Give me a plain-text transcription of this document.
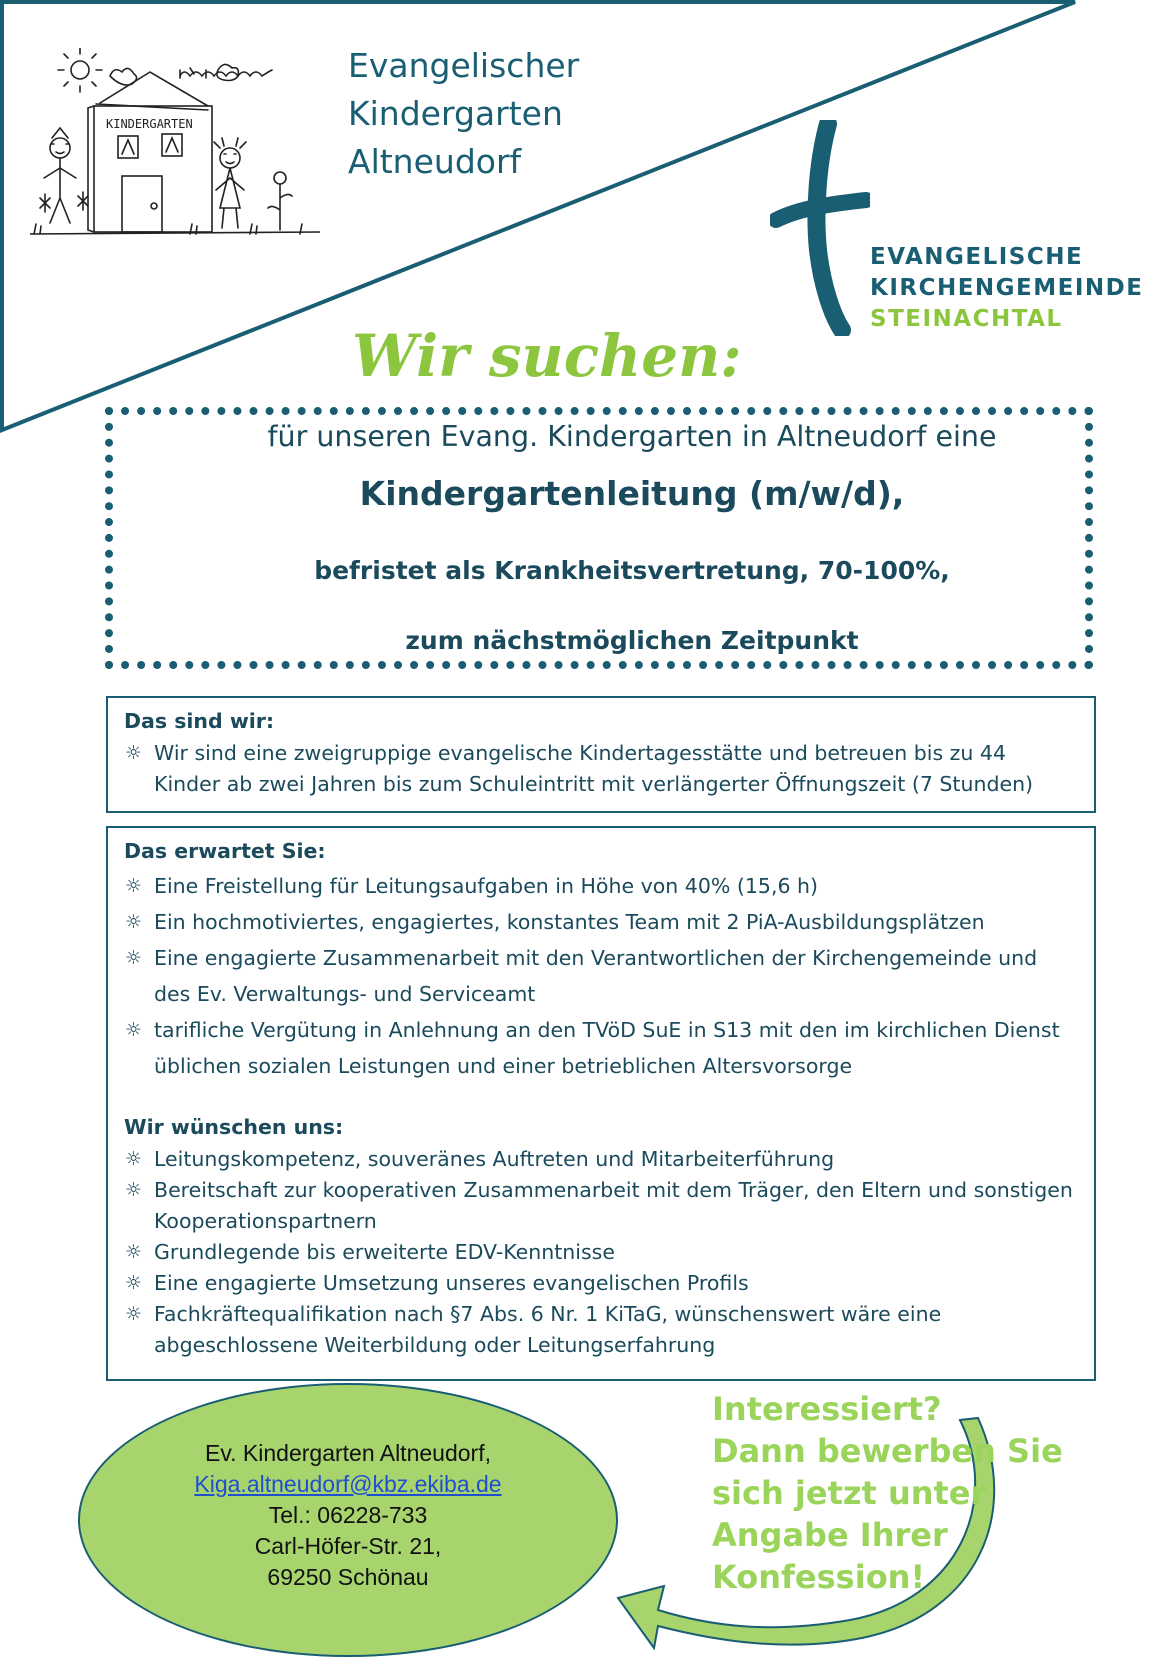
KINDERGARTEN
Evangelischer
Kindergarten
Altneudorf
EVANGELISCHE
KIRCHENGEMEINDE
STEINACHTAL
Wir suchen:
für unseren Evang. Kindergarten in Altneudorf eine
Kindergartenleitung (m/w/d),
befristet als Krankheitsvertretung, 70-100%,
zum nächstmöglichen Zeitpunkt
Das sind wir:
☼ Wir sind eine zweigruppige evangelische Kindertagesstätte und betreuen bis zu 44 Kinder ab zwei Jahren bis zum Schuleintritt mit verlängerter Öffnungszeit (7 Stunden)
Das erwartet Sie:
☼ Eine Freistellung für Leitungsaufgaben in Höhe von 40% (15,6 h)
☼ Ein hochmotiviertes, engagiertes, konstantes Team mit 2 PiA-Ausbildungsplätzen
☼ Eine engagierte Zusammenarbeit mit den Verantwortlichen der Kirchengemeinde und des Ev. Verwaltungs- und Serviceamt
☼ tarifliche Vergütung in Anlehnung an den TVöD SuE in S13 mit den im kirchlichen Dienst üblichen sozialen Leistungen und einer betrieblichen Altersvorsorge
Wir wünschen uns:
☼ Leitungskompetenz, souveränes Auftreten und Mitarbeiterführung
☼ Bereitschaft zur kooperativen Zusammenarbeit mit dem Träger, den Eltern und sonstigen Kooperationspartnern
☼ Grundlegende bis erweiterte EDV-Kenntnisse
☼ Eine engagierte Umsetzung unseres evangelischen Profils
☼ Fachkräftequalifikation nach §7 Abs. 6 Nr. 1 KiTaG, wünschenswert wäre eine abgeschlossene Weiterbildung oder Leitungserfahrung
Ev. Kindergarten Altneudorf,
Kiga.altneudorf@kbz.ekiba.de
Tel.: 06228-733
Carl-Höfer-Str. 21,
69250 Schönau
Interessiert?
Dann bewerben Sie
sich jetzt unter
Angabe Ihrer
Konfession!
